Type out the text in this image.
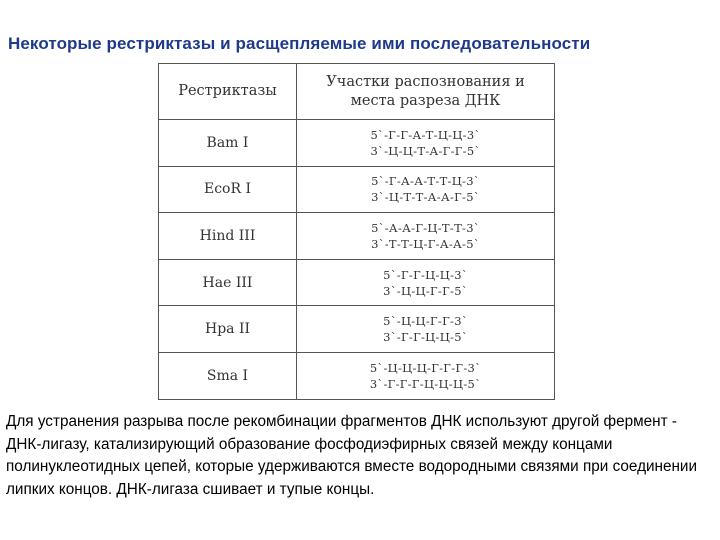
Некоторые рестриктазы и расщепляемые ими последовательности
Рестриктазы	Участки распознования и места разреза ДНК
Bam I	5`-Г-Г-А-Т-Ц-Ц-3`
3`-Ц-Ц-Т-А-Г-Г-5`

EcoR I	5`-Г-А-А-Т-Т-Ц-3`
3`-Ц-Т-Т-А-А-Г-5`

Hind III	5`-А-А-Г-Ц-Т-Т-3`
3`-Т-Т-Ц-Г-А-А-5`

Hae III	5`-Г-Г-Ц-Ц-3`
3`-Ц-Ц-Г-Г-5`

Hpa II	5`-Ц-Ц-Г-Г-3`
3`-Г-Г-Ц-Ц-5`

Sma I	5`-Ц-Ц-Ц-Г-Г-Г-3`
3`-Г-Г-Г-Ц-Ц-Ц-5`

Для устранения разрыва после рекомбинации фрагментов ДНК используют другой фермент - ДНК-лигазу, катализирующий образование фосфодиэфирных связей между концами полинуклеотидных цепей, которые удерживаются вместе водородными связями при соединении липких концов. ДНК-лигаза сшивает и тупые концы.
